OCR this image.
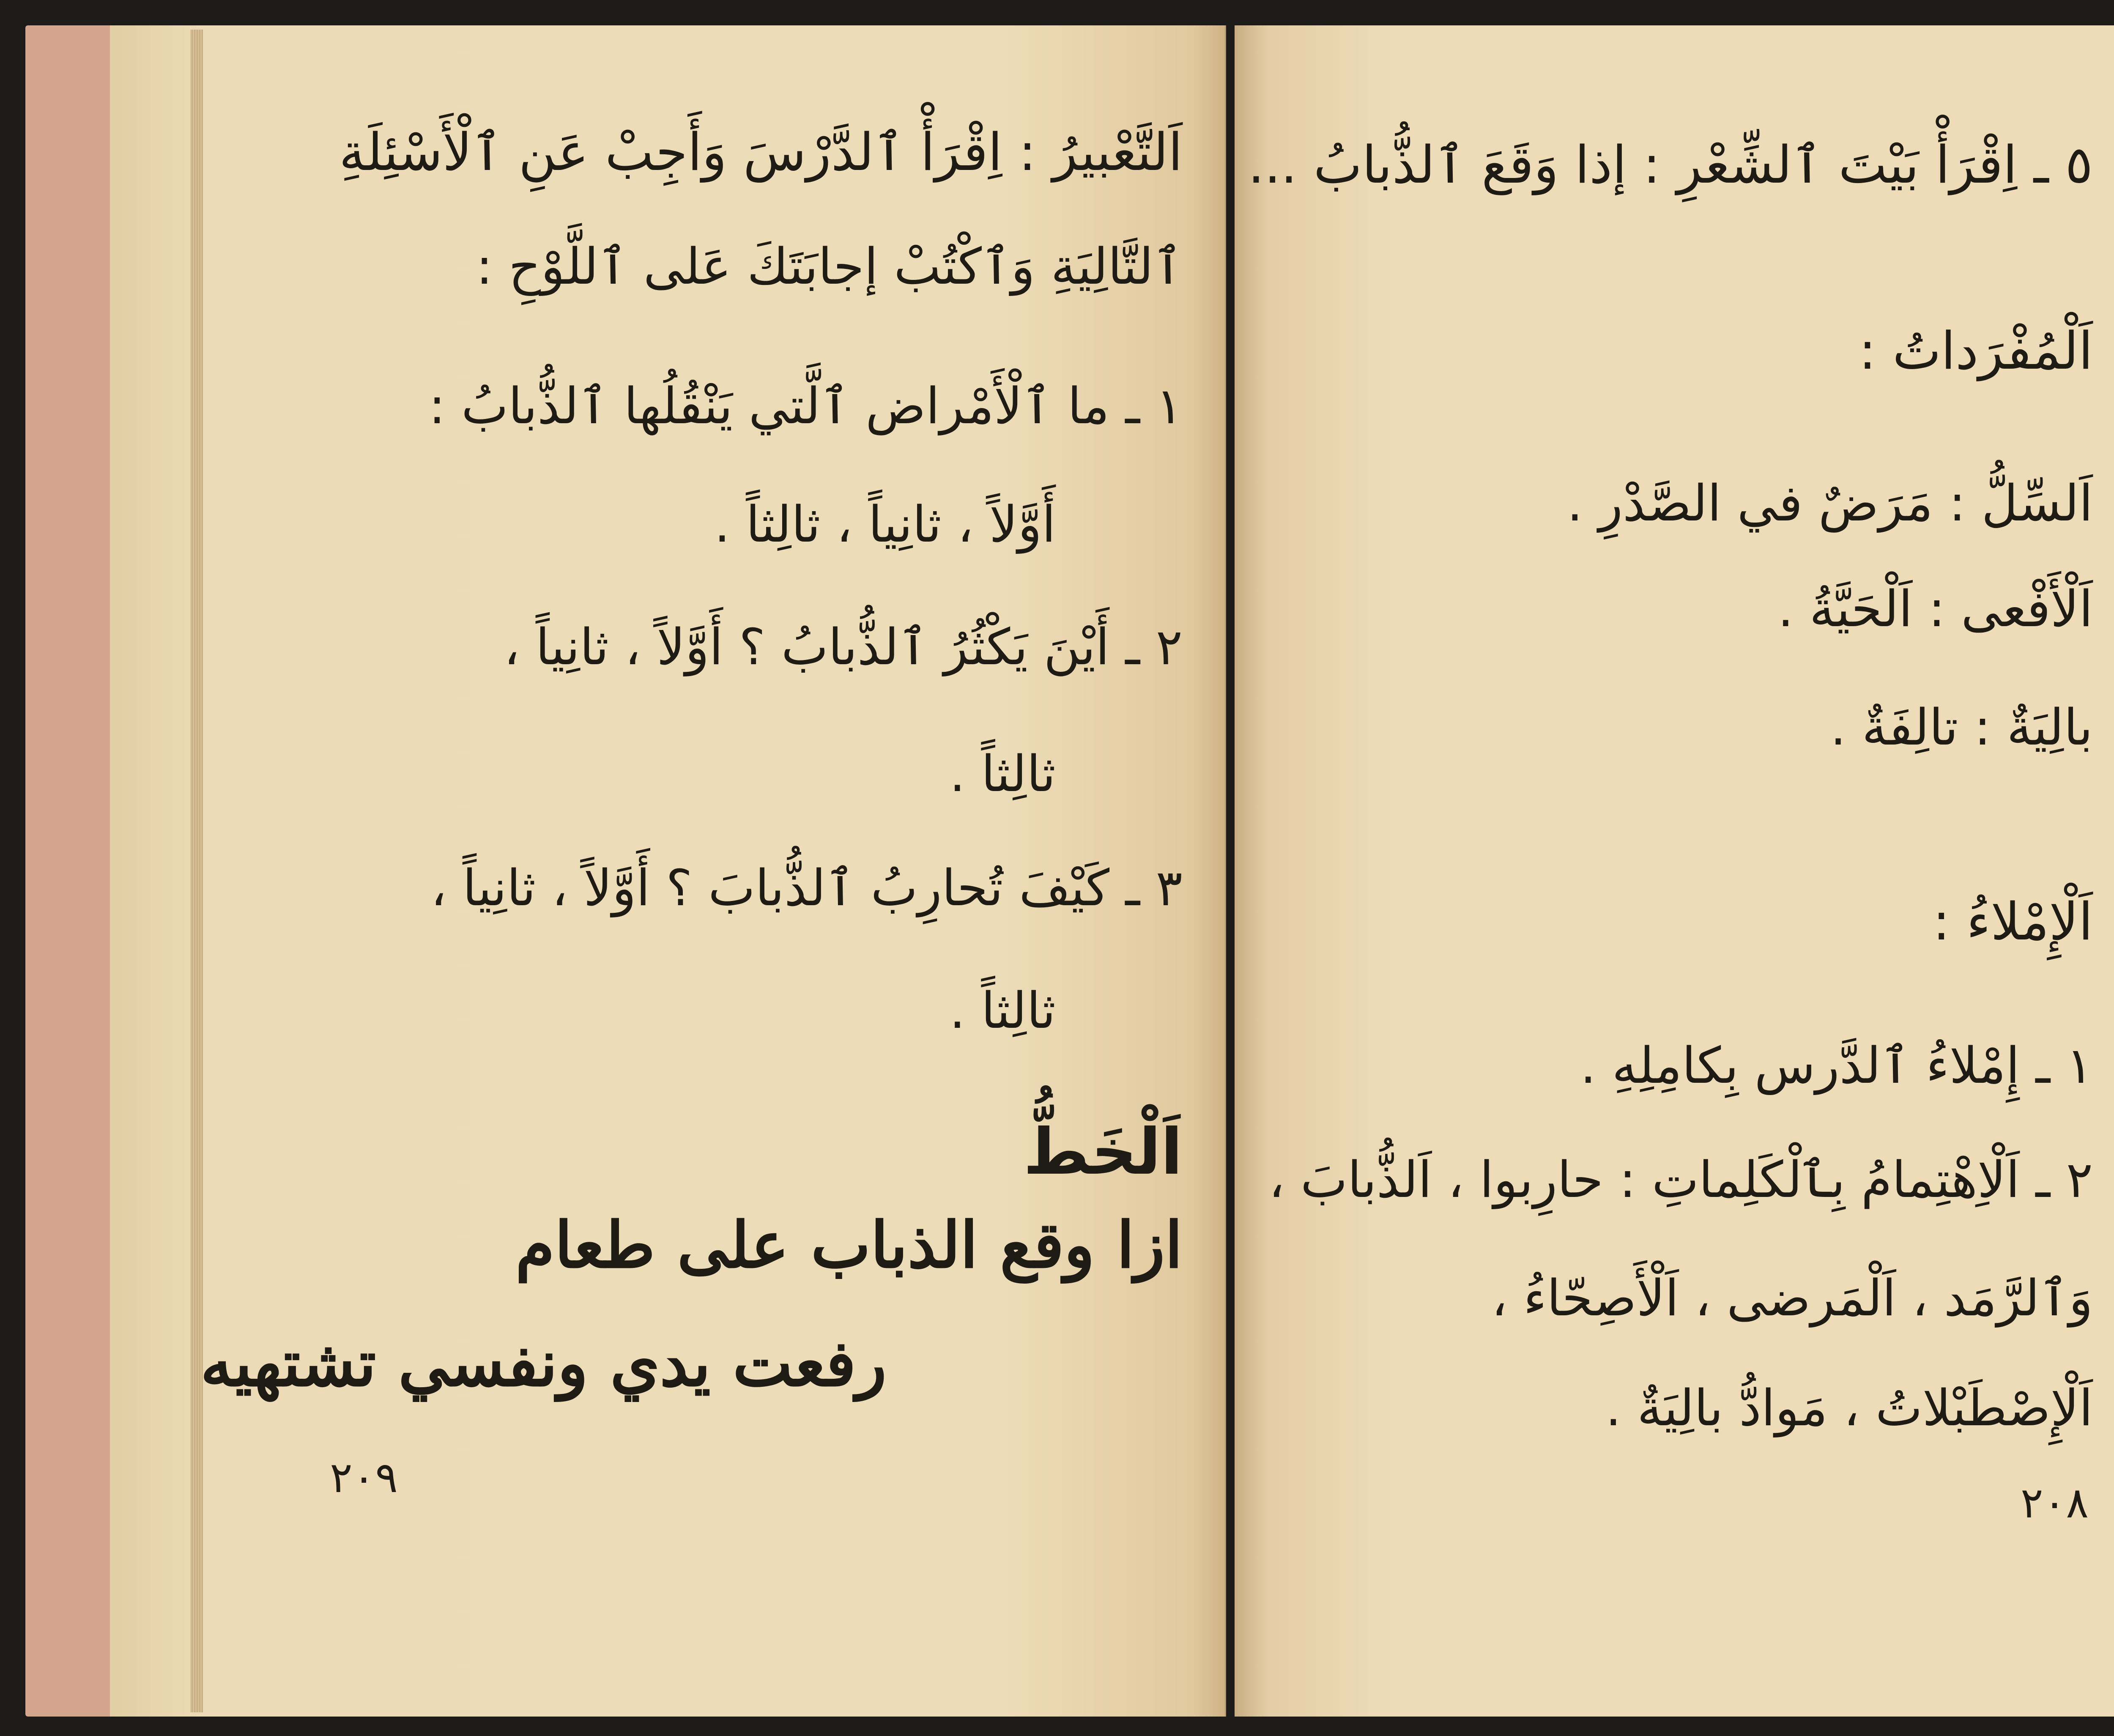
اَلتَّعْبيرُ : اِقْرَأْ ٱلدَّرْسَ وَأَجِبْ عَنِ ٱلْأَسْئِلَةِ
ٱلتَّالِيَةِ وَٱكْتُبْ إجابَتَكَ عَلى ٱللَّوْحِ :
١ ـ ما ٱلْأَمْراض ٱلَّتي يَنْقُلُها ٱلذُّبابُ :
أَوَّلاً ، ثانِياً ، ثالِثاً .
٢ ـ أَيْنَ يَكْثُرُ ٱلذُّبابُ ؟ أَوَّلاً ، ثانِياً ،
ثالِثاً .
٣ ـ كَيْفَ تُحارِبُ ٱلذُّبابَ ؟ أَوَّلاً ، ثانِياً ،
ثالِثاً .
اَلْخَطُّ
ازا وقع الذباب على طعام
رفعت يدي ونفسي تشتهيه
٢٠٩
٥ ـ اِقْرَأْ بَيْتَ ٱلشِّعْرِ : إذا وَقَعَ ٱلذُّبابُ ...
اَلْمُفْرَداتُ :
اَلسِّلُّ : مَرَضٌ في الصَّدْرِ .
اَلْأَفْعى : اَلْحَيَّةُ .
بالِيَةٌ : تالِفَةٌ .
اَلْإِمْلاءُ :
١ ـ إِمْلاءُ ٱلدَّرس بِكامِلِهِ .
٢ ـ اَلْاِهْتِمامُ بِٱلْكَلِماتِ : حارِبوا ، اَلذُّبابَ ،
وَٱلرَّمَد ، اَلْمَرضى ، اَلْأَصِحّاءُ ،
اَلْإِصْطَبْلاتُ ، مَوادُّ بالِيَةٌ .
٢٠٨
